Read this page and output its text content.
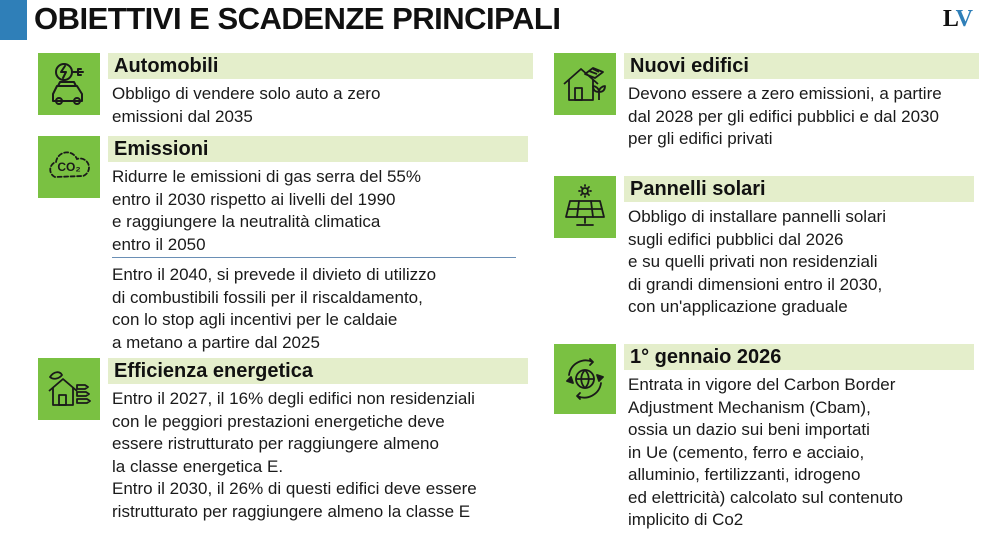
OBIETTIVI E SCADENZE PRINCIPALI	LV
Automobili
Obbligo di vendere solo auto a zero
emissioni dal 2035
CO₂
Emissioni
Ridurre le emissioni di gas serra del 55%
entro il 2030 rispetto ai livelli del 1990
e raggiungere la neutralità climatica
entro il 2050
Entro il 2040, si prevede il divieto di utilizzo
di combustibili fossili per il riscaldamento,
con lo stop agli incentivi per le caldaie
a metano a partire dal 2025
Efficienza energetica
Entro il 2027, il 16% degli edifici non residenziali
con le peggiori prestazioni energetiche deve
essere ristrutturato per raggiungere almeno
la classe energetica E.
Entro il 2030, il 26% di questi edifici deve essere
ristrutturato per raggiungere almeno la classe E
Nuovi edifici
Devono essere a zero emissioni, a partire
dal 2028 per gli edifici pubblici e dal 2030
per gli edifici privati
Pannelli solari
Obbligo di installare pannelli solari
sugli edifici pubblici dal 2026
e su quelli privati non residenziali
di grandi dimensioni entro il 2030,
con un'applicazione graduale
1° gennaio 2026
Entrata in vigore del Carbon Border
Adjustment Mechanism (Cbam),
ossia un dazio sui beni importati
in Ue (cemento, ferro e acciaio,
alluminio, fertilizzanti, idrogeno
ed elettricità) calcolato sul contenuto
implicito di Co2
